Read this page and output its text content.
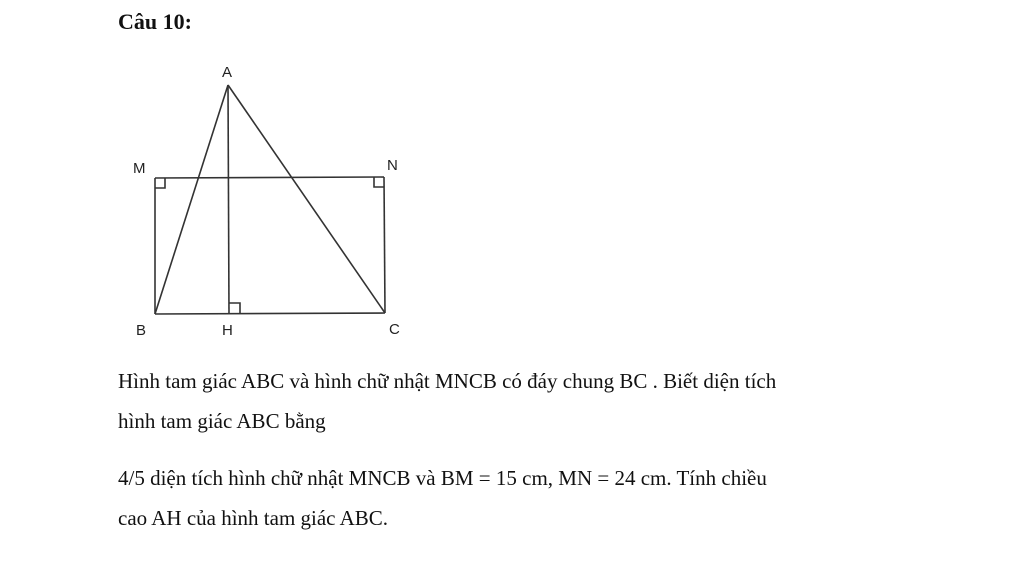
Câu 10:
A
M	N
B	H	C
Hình tam giác ABC và hình chữ nhật MNCB có đáy chung BC . Biết diện tích
hình tam giác ABC bằng
4/5 diện tích hình chữ nhật MNCB và BM = 15 cm, MN = 24 cm. Tính chiều
cao AH của hình tam giác ABC.
